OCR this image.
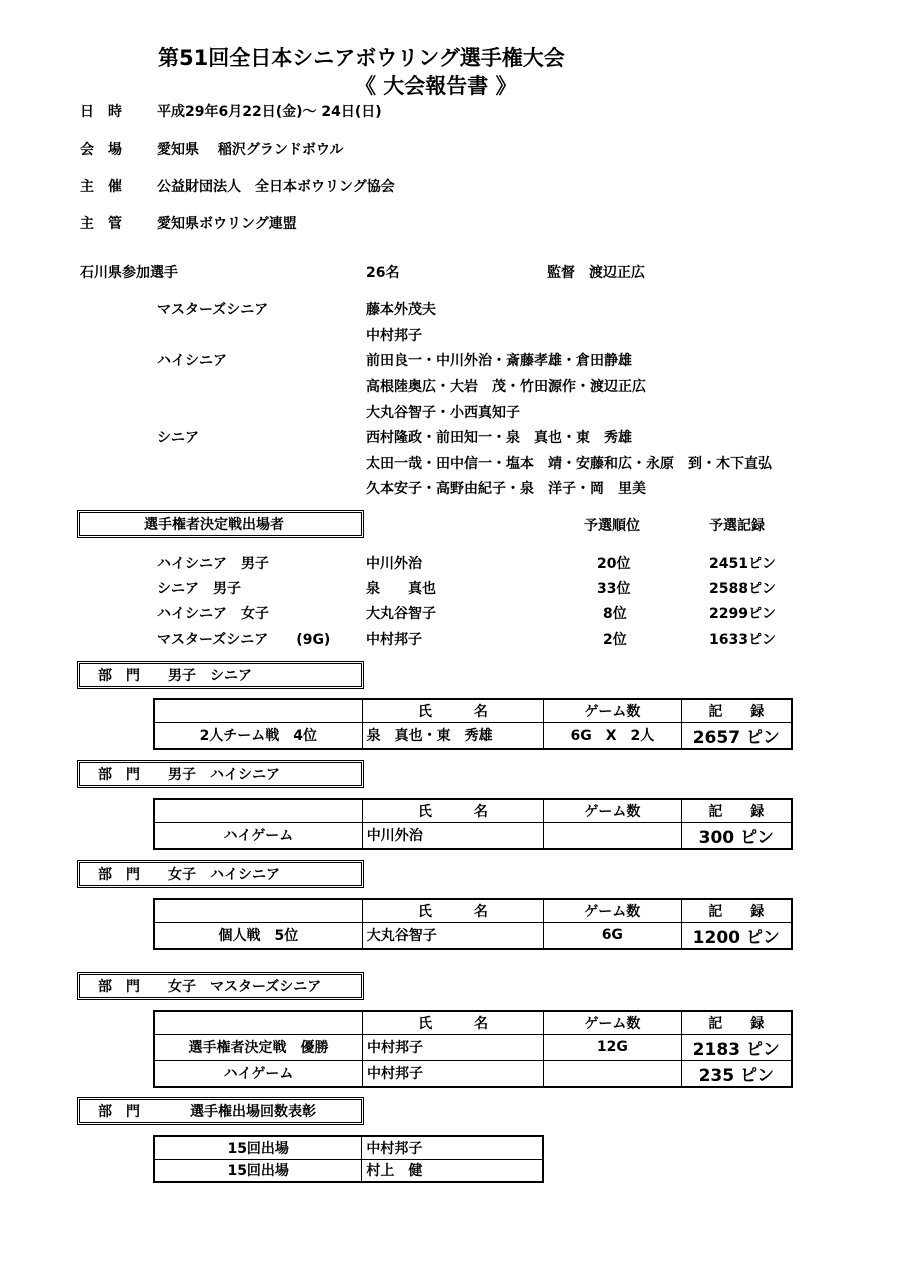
第51回全日本シニアボウリング選手権大会
《 大会報告書 》
日　時	平成29年6月22日(金)～ 24日(日)
会　場	愛知県　 稲沢グランドボウル
主　催	公益財団法人　全日本ボウリング協会
主　管	愛知県ボウリング連盟
石川県参加選手	26名	監督　渡辺正広
マスターズシニア	藤本外茂夫
中村邦子
ハイシニア	前田良一・中川外治・斎藤孝雄・倉田静雄
高根陸奥広・大岩　茂・竹田源作・渡辺正広
大丸谷智子・小西真知子
シニア	西村隆政・前田知一・泉　真也・東　秀雄
太田一哉・田中信一・塩本　靖・安藤和広・永原　到・木下直弘
久本安子・高野由紀子・泉　洋子・岡　里美
選手権者決定戦出場者	予選順位	予選記録
ハイシニア　男子	中川外治	20位	2451ピン
シニア　男子	泉　　真也	33位	2588ピン
ハイシニア　女子	大丸谷智子	8位	2299ピン
マスターズシニア　　(9G)	中村邦子	2位	1633ピン
部　門　　男子　シニア
	氏　　　名	ゲーム数	記　　録
2人チーム戦　4位	泉　真也・東　秀雄	6G　X　2人	2657 ピン
部　門　　男子　ハイシニア
	氏　　　名	ゲーム数	記　　録
ハイゲーム	中川外治		300 ピン
部　門　　女子　ハイシニア
	氏　　　名	ゲーム数	記　　録
個人戦　5位	大丸谷智子	6G	1200 ピン
部　門　　女子　マスターズシニア
	氏　　　名	ゲーム数	記　　録
選手権者決定戦　優勝	中村邦子	12G	2183 ピン
ハイゲーム	中村邦子		235 ピン
部　門	選手権出場回数表彰
15回出場	中村邦子
15回出場	村上　健
